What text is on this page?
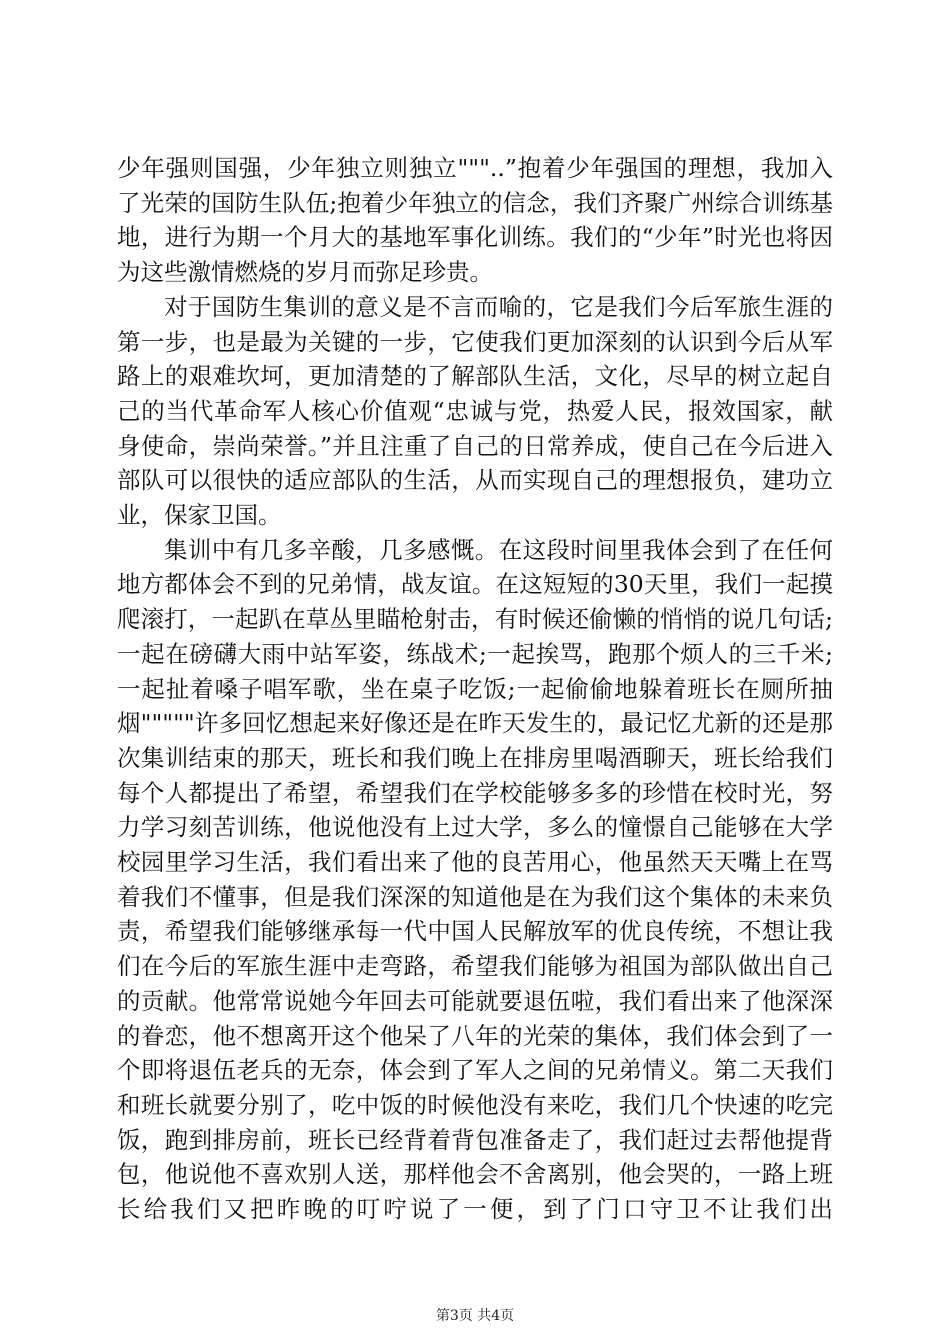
少年强则国强，少年独立则独立"""..”抱着少年强国的理想，我加入了光荣的国防生队伍;抱着少年独立的信念，我们齐聚广州综合训练基地，进行为期一个月大的基地军事化训练。我们的“少年”时光也将因为这些激情燃烧的岁月而弥足珍贵。

对于国防生集训的意义是不言而喻的，它是我们今后军旅生涯的第一步，也是最为关键的一步，它使我们更加深刻的认识到今后从军路上的艰难坎坷，更加清楚的了解部队生活，文化，尽早的树立起自己的当代革命军人核心价值观“忠诚与党，热爱人民，报效国家，献身使命，崇尚荣誉。”并且注重了自己的日常养成，使自己在今后进入部队可以很快的适应部队的生活，从而实现自己的理想报负，建功立业，保家卫国。

集训中有几多辛酸，几多感慨。在这段时间里我体会到了在任何地方都体会不到的兄弟情，战友谊。在这短短的30天里，我们一起摸爬滚打，一起趴在草丛里瞄枪射击，有时候还偷懒的悄悄的说几句话;一起在磅礴大雨中站军姿，练战术;一起挨骂，跑那个烦人的三千米;一起扯着嗓子唱军歌，坐在桌子吃饭;一起偷偷地躲着班长在厕所抽烟"""""许多回忆想起来好像还是在昨天发生的，最记忆尤新的还是那次集训结束的那天，班长和我们晚上在排房里喝酒聊天，班长给我们每个人都提出了希望，希望我们在学校能够多多的珍惜在校时光，努力学习刻苦训练，他说他没有上过大学，多么的憧憬自己能够在大学校园里学习生活，我们看出来了他的良苦用心，他虽然天天嘴上在骂着我们不懂事，但是我们深深的知道他是在为我们这个集体的未来负责，希望我们能够继承每一代中国人民解放军的优良传统，不想让我们在今后的军旅生涯中走弯路，希望我们能够为祖国为部队做出自己的贡献。他常常说她今年回去可能就要退伍啦，我们看出来了他深深的眷恋，他不想离开这个他呆了八年的光荣的集体，我们体会到了一个即将退伍老兵的无奈，体会到了军人之间的兄弟情义。第二天我们和班长就要分别了，吃中饭的时候他没有来吃，我们几个快速的吃完饭，跑到排房前，班长已经背着背包准备走了，我们赶过去帮他提背包，他说他不喜欢别人送，那样他会不舍离别，他会哭的，一路上班长给我们又把昨晚的叮咛说了一便，到了门口守卫不让我们出

第3页 共4页
